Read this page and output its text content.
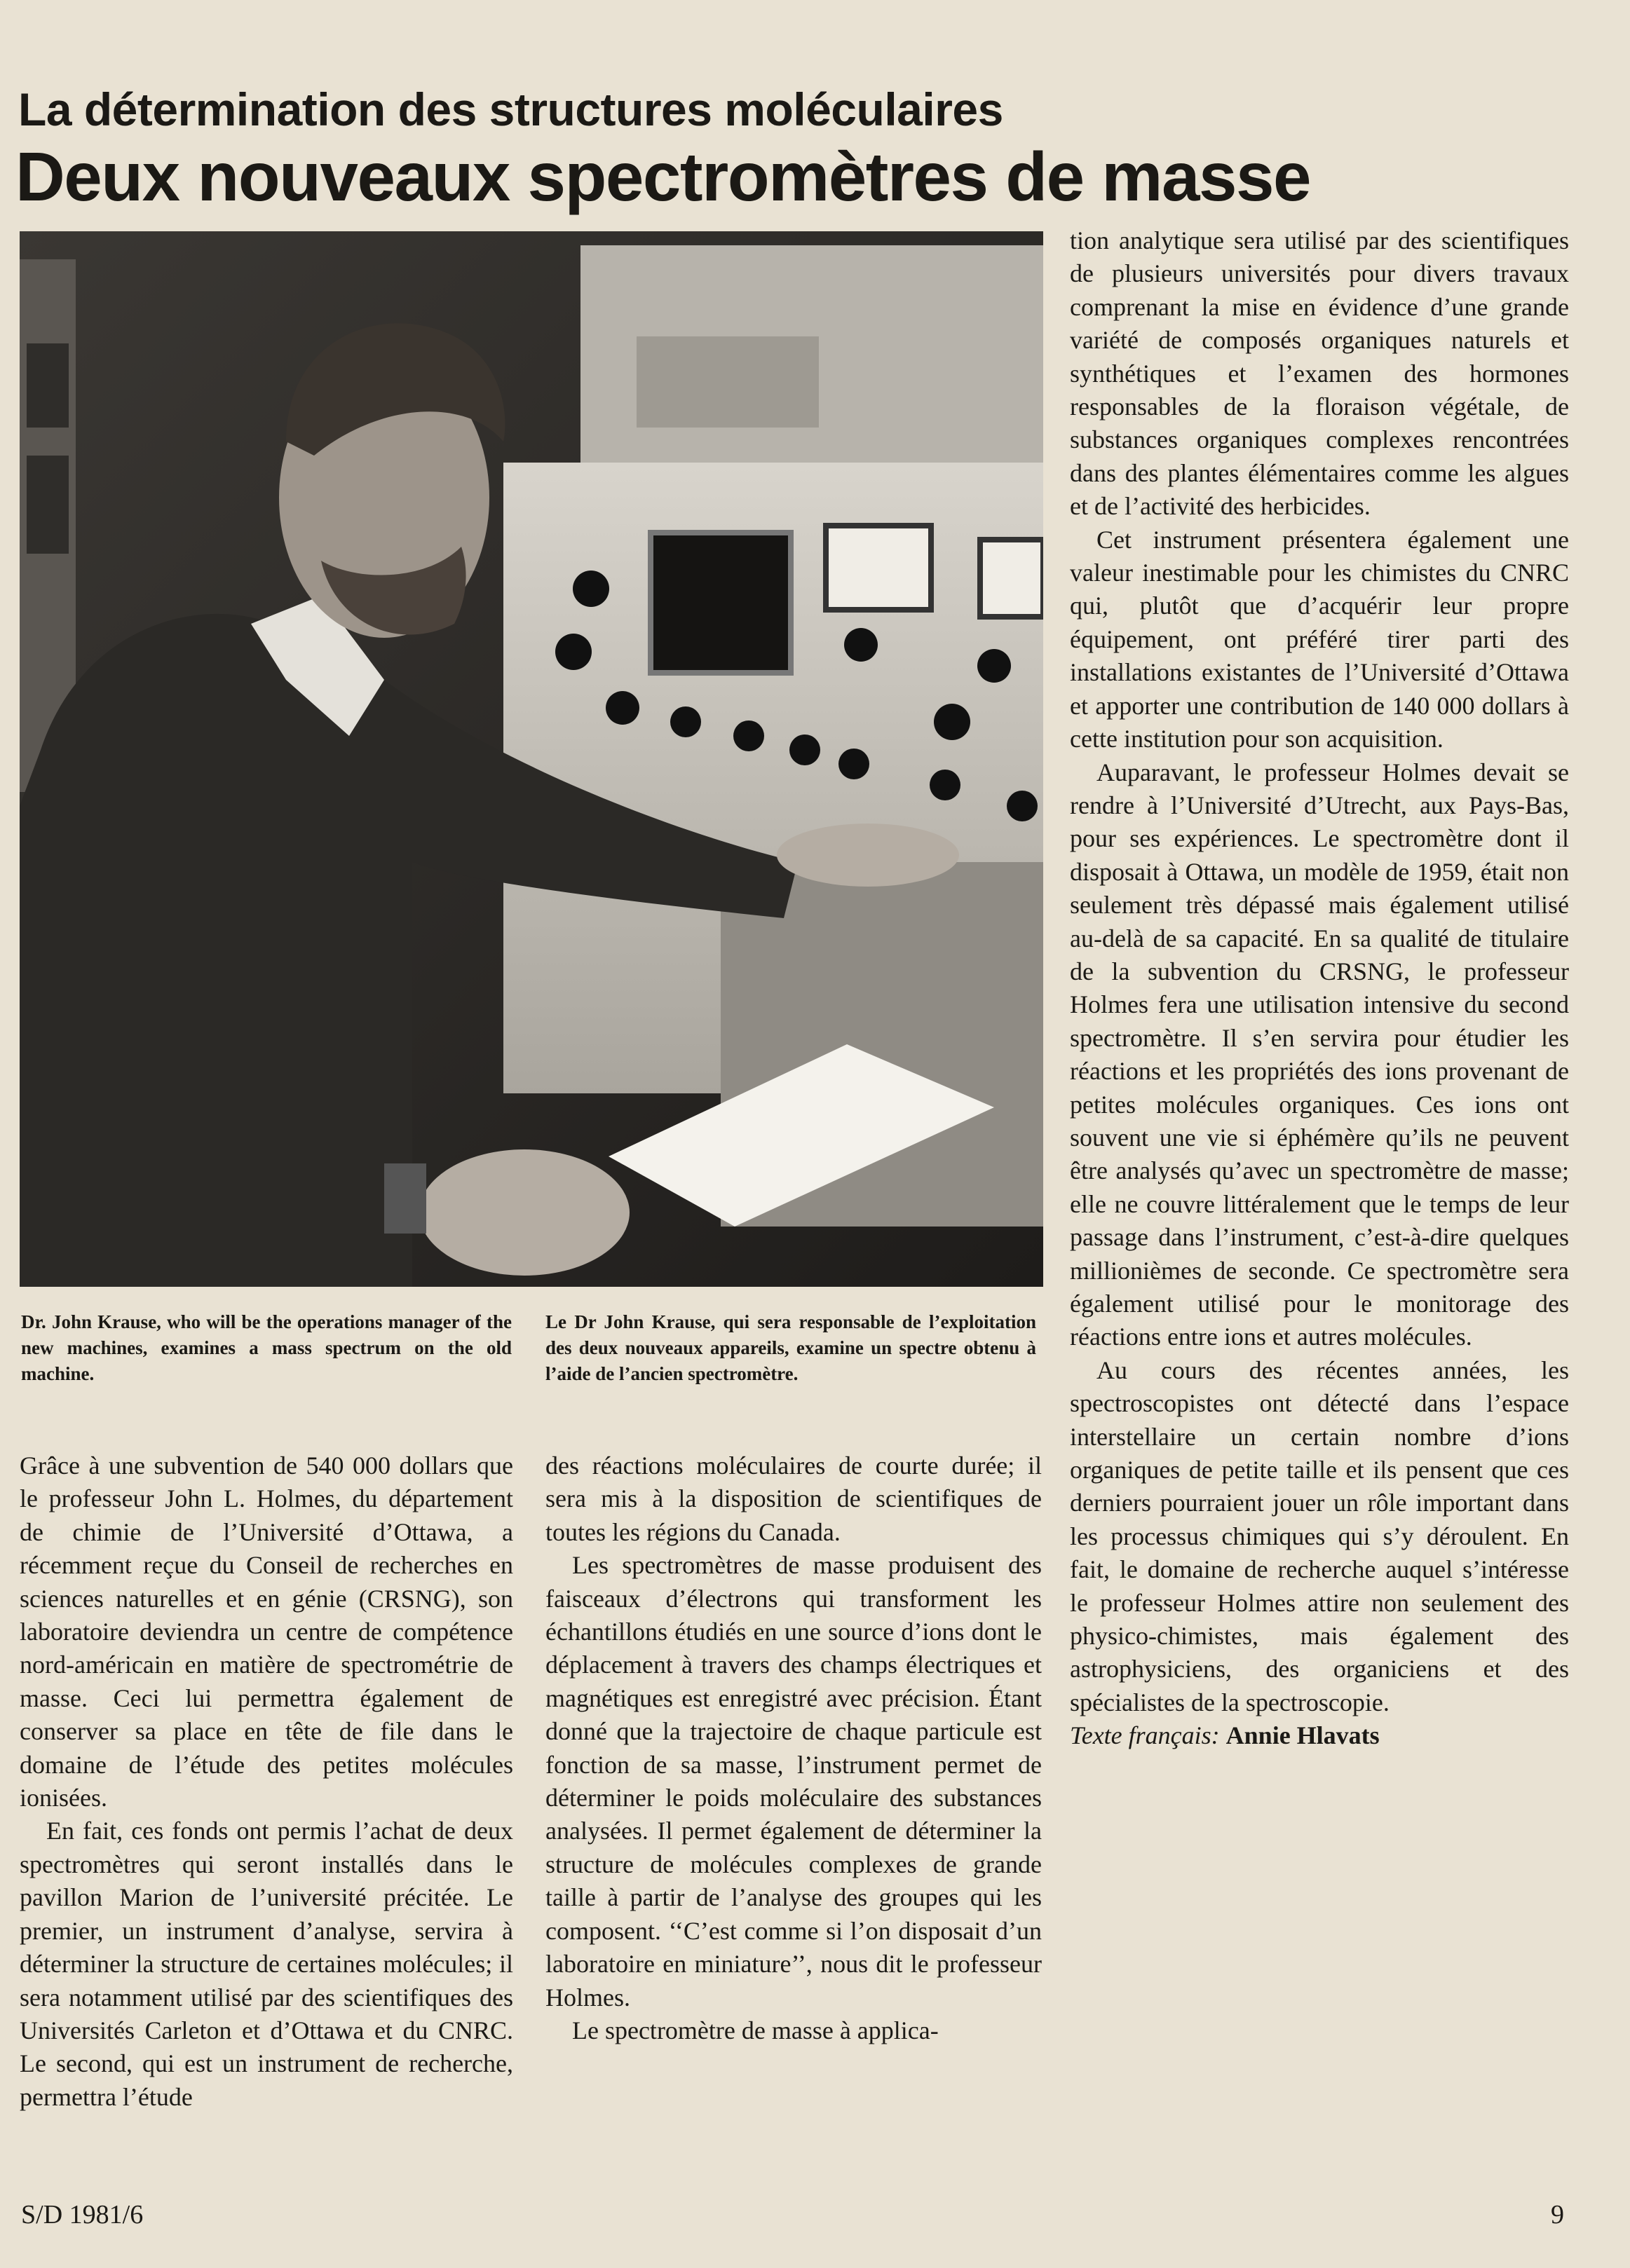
La détermination des structures moléculaires
Deux nouveaux spectromètres de masse
Dr. John Krause, who will be the operations manager of the new machines, examines a mass spectrum on the old machine.
Le Dr John Krause, qui sera responsable de l’exploitation des deux nouveaux appareils, examine un spectre obtenu à l’aide de l’ancien spectromètre.

Grâce à une subvention de 540 000 dollars que le professeur John L. Holmes, du département de chimie de l’Université d’Ottawa, a récemment reçue du Conseil de recherches en sciences naturelles et en génie (CRSNG), son laboratoire deviendra un centre de compétence nord-américain en matière de spectrométrie de masse. Ceci lui permettra également de conserver sa place en tête de file dans le domaine de l’étude des petites molécules ionisées.

En fait, ces fonds ont permis l’achat de deux spectromètres qui seront installés dans le pavillon Marion de l’université précitée. Le premier, un instrument d’analyse, servira à déterminer la structure de certaines molécules; il sera notamment utilisé par des scientifiques des Universités Carleton et d’Ottawa et du CNRC. Le second, qui est un instrument de recherche, permettra l’étude

des réactions moléculaires de courte durée; il sera mis à la disposition de scientifiques de toutes les régions du Canada.

Les spectromètres de masse produisent des faisceaux d’électrons qui transforment les échantillons étudiés en une source d’ions dont le déplacement à travers des champs électriques et magnétiques est enregistré avec précision. Étant donné que la trajectoire de chaque particule est fonction de sa masse, l’instrument permet de déterminer le poids moléculaire des substances analysées. Il permet également de déterminer la structure de molécules complexes de grande taille à partir de l’analyse des groupes qui les composent. ‘‘C’est comme si l’on disposait d’un laboratoire en miniature’’, nous dit le professeur Holmes.

Le spectromètre de masse à applica-

tion analytique sera utilisé par des scientifiques de plusieurs universités pour divers travaux comprenant la mise en évidence d’une grande variété de composés organiques naturels et synthétiques et l’examen des hormones responsables de la floraison végétale, de substances organiques complexes rencontrées dans des plantes élémentaires comme les algues et de l’activité des herbicides.

Cet instrument présentera également une valeur inestimable pour les chimistes du CNRC qui, plutôt que d’acquérir leur propre équipement, ont préféré tirer parti des installations existantes de l’Université d’Ottawa et apporter une contribution de 140 000 dollars à cette institution pour son acquisition.

Auparavant, le professeur Holmes devait se rendre à l’Université d’Utrecht, aux Pays-Bas, pour ses expériences. Le spectromètre dont il disposait à Ottawa, un modèle de 1959, était non seulement très dépassé mais également utilisé au-delà de sa capacité. En sa qualité de titulaire de la subvention du CRSNG, le professeur Holmes fera une utilisation intensive du second spectromètre. Il s’en servira pour étudier les réactions et les propriétés des ions provenant de petites molécules organiques. Ces ions ont souvent une vie si éphémère qu’ils ne peuvent être analysés qu’avec un spectromètre de masse; elle ne couvre littéralement que le temps de leur passage dans l’instrument, c’est-à-dire quelques millionièmes de seconde. Ce spectromètre sera également utilisé pour le monitorage des réactions entre ions et autres molécules.

Au cours des récentes années, les spectroscopistes ont détecté dans l’espace interstellaire un certain nombre d’ions organiques de petite taille et ils pensent que ces derniers pourraient jouer un rôle important dans les processus chimiques qui s’y déroulent. En fait, le domaine de recherche auquel s’intéresse le professeur Holmes attire non seulement des physico-chimistes, mais également des astrophysiciens, des organiciens et des spécialistes de la spectroscopie.

Texte français: Annie Hlavats

S/D 1981/6	9
